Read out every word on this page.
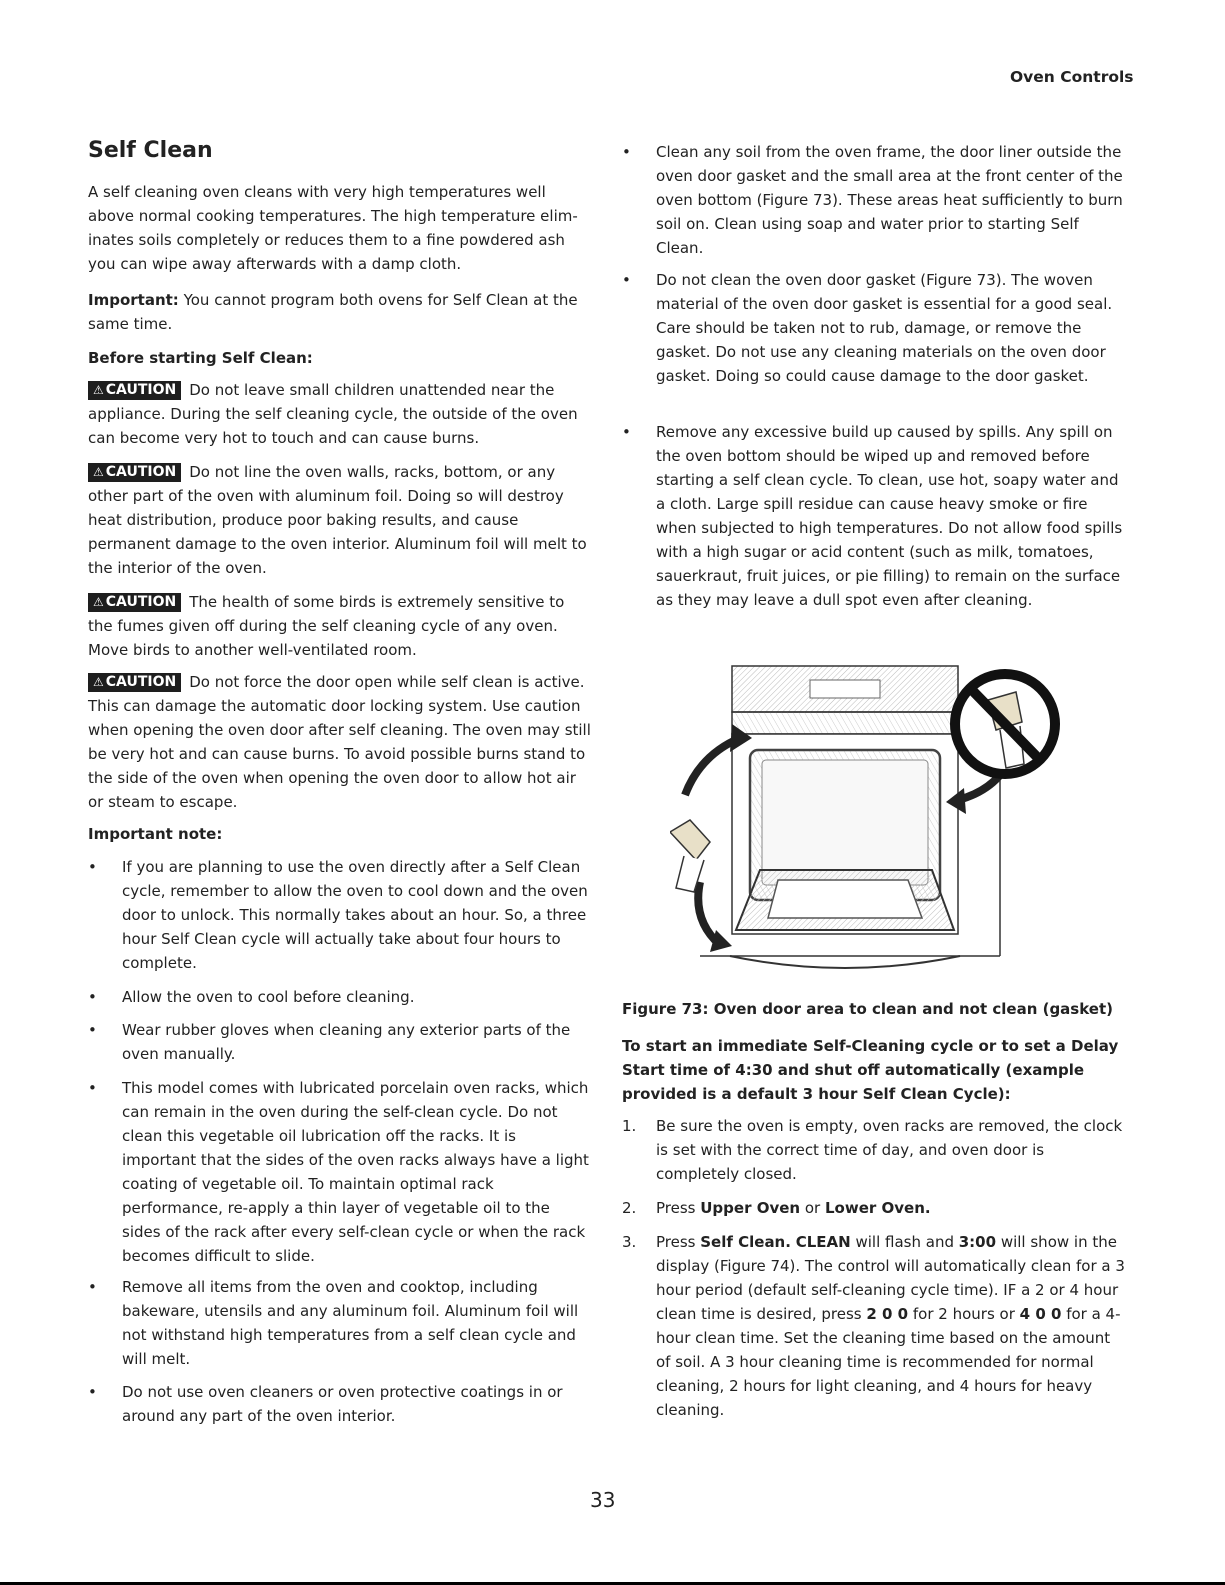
Oven Controls
Self Clean

A self cleaning oven cleans with very high temperatures well above normal cooking temperatures. The high temperature elim-inates soils completely or reduces them to a fine powdered ash you can wipe away afterwards with a damp cloth.

Important: You cannot program both ovens for Self Clean at the same time.

Before starting Self Clean:

⚠ CAUTION Do not leave small children unattended near the appliance. During the self cleaning cycle, the outside of the oven can become very hot to touch and can cause burns.

⚠ CAUTION Do not line the oven walls, racks, bottom, or any other part of the oven with aluminum foil. Doing so will destroy heat distribution, produce poor baking results, and cause permanent damage to the oven interior. Aluminum foil will melt to the interior of the oven.

⚠ CAUTION The health of some birds is extremely sensitive to the fumes given off during the self cleaning cycle of any oven. Move birds to another well-ventilated room.

⚠ CAUTION Do not force the door open while self clean is active. This can damage the automatic door locking system. Use caution when opening the oven door after self cleaning. The oven may still be very hot and can cause burns. To avoid possible burns stand to the side of the oven when opening the oven door to allow hot air or steam to escape.

Important note:

• If you are planning to use the oven directly after a Self Clean cycle, remember to allow the oven to cool down and the oven door to unlock. This normally takes about an hour. So, a three hour Self Clean cycle will actually take about four hours to complete.

• Allow the oven to cool before cleaning.

• Wear rubber gloves when cleaning any exterior parts of the oven manually.

• This model comes with lubricated porcelain oven racks, which can remain in the oven during the self-clean cycle. Do not clean this vegetable oil lubrication off the racks. It is important that the sides of the oven racks always have a light coating of vegetable oil. To maintain optimal rack performance, re-apply a thin layer of vegetable oil to the sides of the rack after every self-clean cycle or when the rack becomes difficult to slide.

• Remove all items from the oven and cooktop, including bakeware, utensils and any aluminum foil. Aluminum foil will not withstand high temperatures from a self clean cycle and will melt.

• Do not use oven cleaners or oven protective coatings in or around any part of the oven interior.

• Clean any soil from the oven frame, the door liner outside the oven door gasket and the small area at the front center of the oven bottom (Figure 73). These areas heat sufficiently to burn soil on. Clean using soap and water prior to starting Self Clean.

• Do not clean the oven door gasket (Figure 73). The woven material of the oven door gasket is essential for a good seal. Care should be taken not to rub, damage, or remove the gasket. Do not use any cleaning materials on the oven door gasket. Doing so could cause damage to the door gasket.

• Remove any excessive build up caused by spills. Any spill on the oven bottom should be wiped up and removed before starting a self clean cycle. To clean, use hot, soapy water and a cloth. Large spill residue can cause heavy smoke or fire when subjected to high temperatures. Do not allow food spills with a high sugar or acid content (such as milk, tomatoes, sauerkraut, fruit juices, or pie filling) to remain on the surface as they may leave a dull spot even after cleaning.

Figure 73: Oven door area to clean and not clean (gasket)

To start an immediate Self-Cleaning cycle or to set a Delay Start time of 4:30 and shut off automatically (example provided is a default 3 hour Self Clean Cycle):

1. Be sure the oven is empty, oven racks are removed, the clock is set with the correct time of day, and oven door is completely closed.

2. Press Upper Oven or Lower Oven.

3. Press Self Clean. CLEAN will flash and 3:00 will show in the display (Figure 74). The control will automatically clean for a 3 hour period (default self-cleaning cycle time). IF a 2 or 4 hour clean time is desired, press 2 0 0 for 2 hours or 4 0 0 for a 4-hour clean time. Set the cleaning time based on the amount of soil. A 3 hour cleaning time is recommended for normal cleaning, 2 hours for light cleaning, and 4 hours for heavy cleaning.

33
